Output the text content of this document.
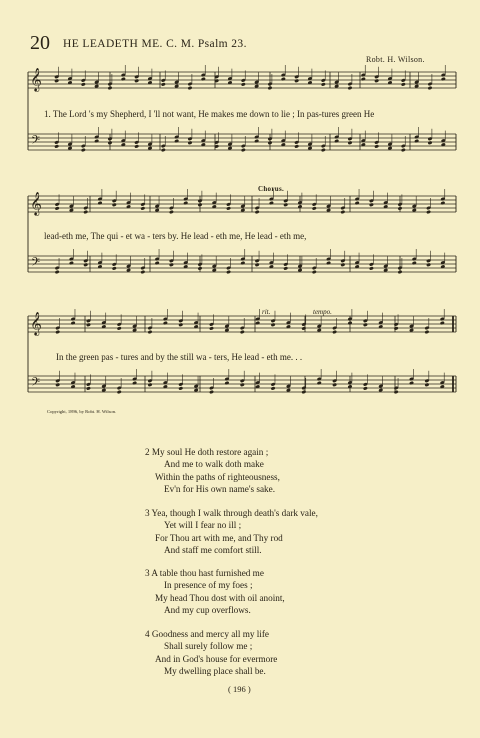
20 HE LEADETH ME. C. M. Psalm 23.
Robt. H. Wilson.
𝄞
𝄢
𝄞
𝄢
𝄞
𝄢
1. The Lord 's my Shepherd, I 'll not want, He makes me down to lie ; In pas-tures green He
lead-eth me, The qui - et wa - ters by. He lead - eth me, He lead - eth me,
In the green pas - tures and by the still wa - ters, He lead - eth me. . .
Chorus.
rit.	tempo.
Copyright, 1896, by Robt. H. Wilson.
2 My soul He doth restore again ;
And me to walk doth make
Within the paths of righteousness,
Ev'n for His own name's sake.
3 Yea, though I walk through death's dark vale,
Yet will I fear no ill ;
For Thou art with me, and Thy rod
And staff me comfort still.
3 A table thou hast furnished me
In presence of my foes ;
My head Thou dost with oil anoint,
And my cup overflows.
4 Goodness and mercy all my life
Shall surely follow me ;
And in God's house for evermore
My dwelling place shall be.
( 196 )
